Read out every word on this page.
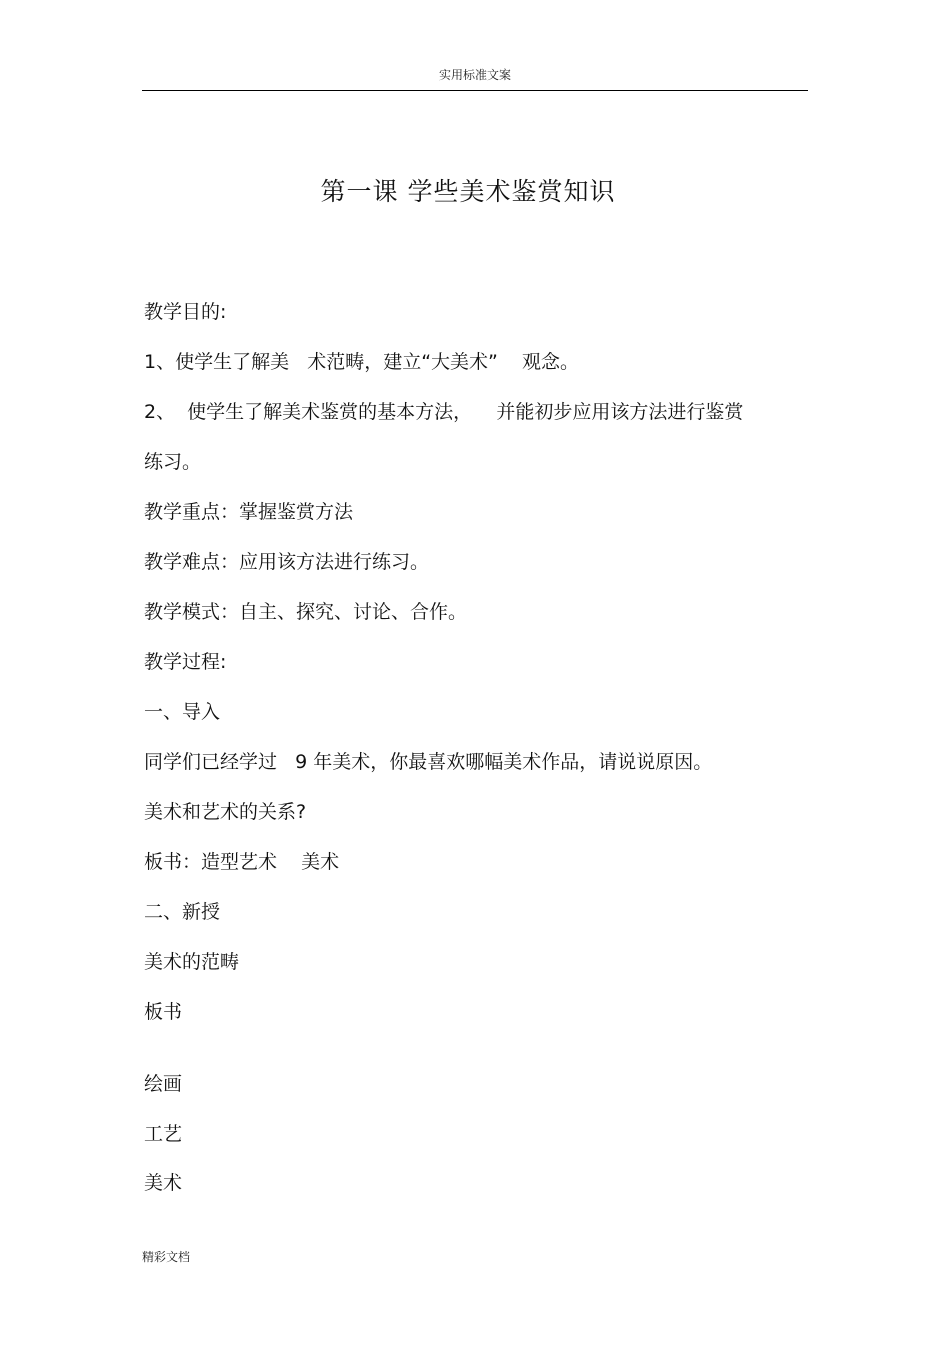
实用标准文案
第一课 学些美术鉴赏知识
教学目的:
1、使学生了解美   术范畴，建立“大美术”    观念。
2、  使学生了解美术鉴赏的基本方法，    并能初步应用该方法进行鉴赏
练习。
教学重点：掌握鉴赏方法
教学难点：应用该方法进行练习。
教学模式：自主、探究、讨论、合作。
教学过程:
一、导入
同学们已经学过   9 年美术，你最喜欢哪幅美术作品，请说说原因。
美术和艺术的关系?
板书：造型艺术    美术
二、新授
美术的范畴
板书
绘画
工艺
美术
精彩文档
